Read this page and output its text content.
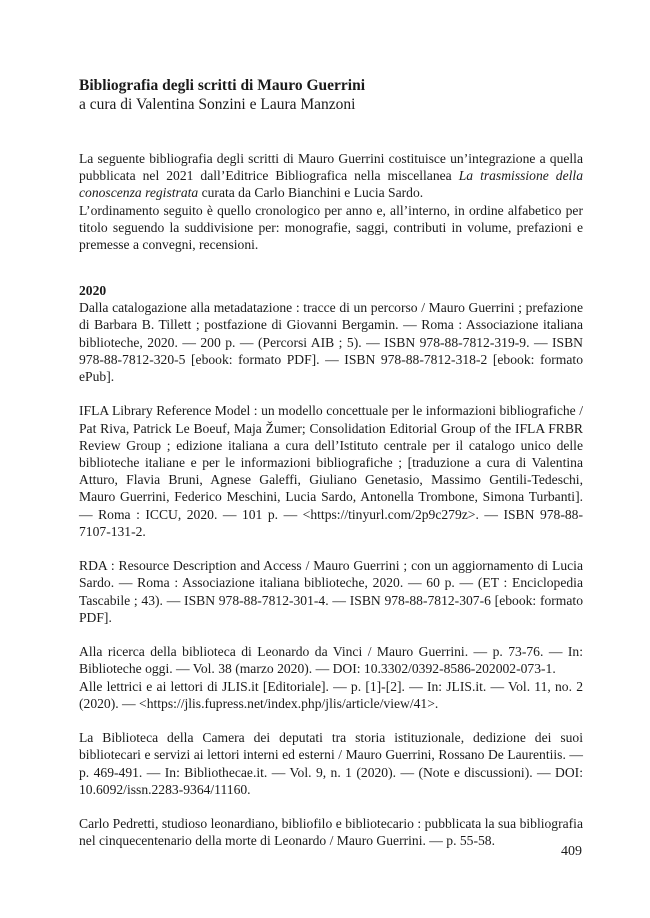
Bibliografia degli scritti di Mauro Guerrini

a cura di Valentina Sonzini e Laura Manzoni

La seguente bibliografia degli scritti di Mauro Guerrini costituisce un’integrazione a quella pubblicata nel 2021 dall’Editrice Bibliografica nella miscellanea La trasmissione della conoscenza registrata curata da Carlo Bianchini e Lucia Sardo.

L’ordinamento seguito è quello cronologico per anno e, all’interno, in ordine alfabetico per titolo seguendo la suddivisione per: monografie, saggi, contributi in volume, prefazioni e premesse a convegni, recensioni.

2020

Dalla catalogazione alla metadatazione : tracce di un percorso / Mauro Guerrini ; prefazione di Barbara B. Tillett ; postfazione di Giovanni Bergamin. — Roma : Associazione italiana biblioteche, 2020. — 200 p. — (Percorsi AIB ; 5). — ISBN 978-88-7812-319-9. — ISBN 978-88-7812-320-5 [ebook: formato PDF]. — ISBN 978-88-7812-318-2 [ebook: formato ePub].

IFLA Library Reference Model : un modello concettuale per le informazioni bibliografiche / Pat Riva, Patrick Le Boeuf, Maja Žumer; Consolidation Editorial Group of the IFLA FRBR Review Group ; edizione italiana a cura dell’Istituto centrale per il catalogo unico delle biblioteche italiane e per le informazioni bibliografiche ; [traduzione a cura di Valentina Atturo, Flavia Bruni, Agnese Galeffi, Giuliano Genetasio, Massimo Gentili-Tedeschi, Mauro Guerrini, Federico Meschini, Lucia Sardo, Antonella Trombone, Simona Turbanti]. — Roma : ICCU, 2020. — 101 p. — <https://tinyurl.com/2p9c279z>. — ISBN 978-88-7107-131-2.

RDA : Resource Description and Access / Mauro Guerrini ; con un aggiornamento di Lucia Sardo. — Roma : Associazione italiana biblioteche, 2020. — 60 p. — (ET : Enciclopedia Tascabile ; 43). — ISBN 978-88-7812-301-4. — ISBN 978-88-7812-307-6 [ebook: formato PDF].

Alla ricerca della biblioteca di Leonardo da Vinci / Mauro Guerrini. — p. 73-76. — In: Biblioteche oggi. — Vol. 38 (marzo 2020). — DOI: 10.3302/0392-8586-202002-073-1.

Alle lettrici e ai lettori di JLIS.it [Editoriale]. — p. [1]-[2]. — In: JLIS.it. — Vol. 11, no. 2 (2020). — <https://jlis.fupress.net/index.php/jlis/article/view/41>.

La Biblioteca della Camera dei deputati tra storia istituzionale, dedizione dei suoi bibliotecari e servizi ai lettori interni ed esterni / Mauro Guerrini, Rossano De Laurentiis. — p. 469-491. — In: Bibliothecae.it. — Vol. 9, n. 1 (2020). — (Note e discussioni). — DOI: 10.6092/issn.2283-9364/11160.

Carlo Pedretti, studioso leonardiano, bibliofilo e bibliotecario : pubblicata la sua bibliografia nel cinquecentenario della morte di Leonardo / Mauro Guerrini. — p. 55-58.

409
